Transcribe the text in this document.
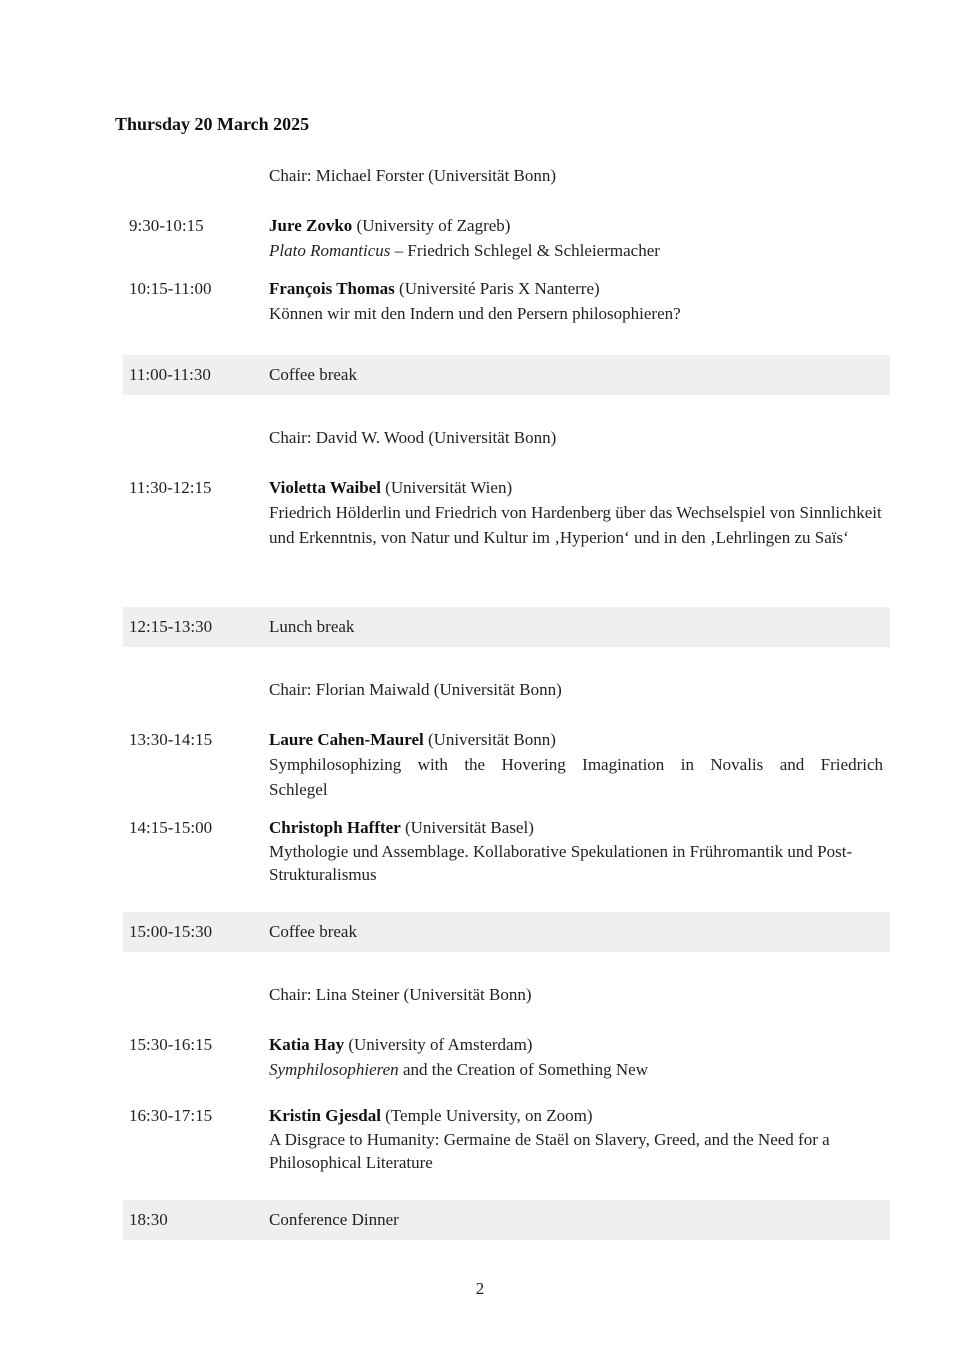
Thursday 20 March 2025
Chair: Michael Forster (Universität Bonn)
9:30-10:15	Jure Zovko (University of Zagreb)
Plato Romanticus – Friedrich Schlegel & Schleiermacher
10:15-11:00	François Thomas (Université Paris X Nanterre)
Können wir mit den Indern und den Persern philosophieren?
11:00-11:30	Coffee break
Chair: David W. Wood (Universität Bonn)
11:30-12:15	Violetta Waibel (Universität Wien)
Friedrich Hölderlin und Friedrich von Hardenberg über das Wechselspiel von Sinnlichkeit und Erkenntnis, von Natur und Kultur im ‚Hyperion‘ und in den ‚Lehrlingen zu Saïs‘
12:15-13:30	Lunch break
Chair: Florian Maiwald (Universität Bonn)
13:30-14:15	Laure Cahen-Maurel (Universität Bonn)
Symphilosophizing with the Hovering Imagination in Novalis and Friedrich
Schlegel
14:15-15:00	Christoph Haffter (Universität Basel)
Mythologie und Assemblage. Kollaborative Spekulationen in Frühromantik und Post-Strukturalismus
15:00-15:30	Coffee break
Chair: Lina Steiner (Universität Bonn)
15:30-16:15	Katia Hay (University of Amsterdam)
Symphilosophieren and the Creation of Something New
16:30-17:15	Kristin Gjesdal (Temple University, on Zoom)
A Disgrace to Humanity: Germaine de Staël on Slavery, Greed, and the Need for a Philosophical Literature
18:30	Conference Dinner
2
